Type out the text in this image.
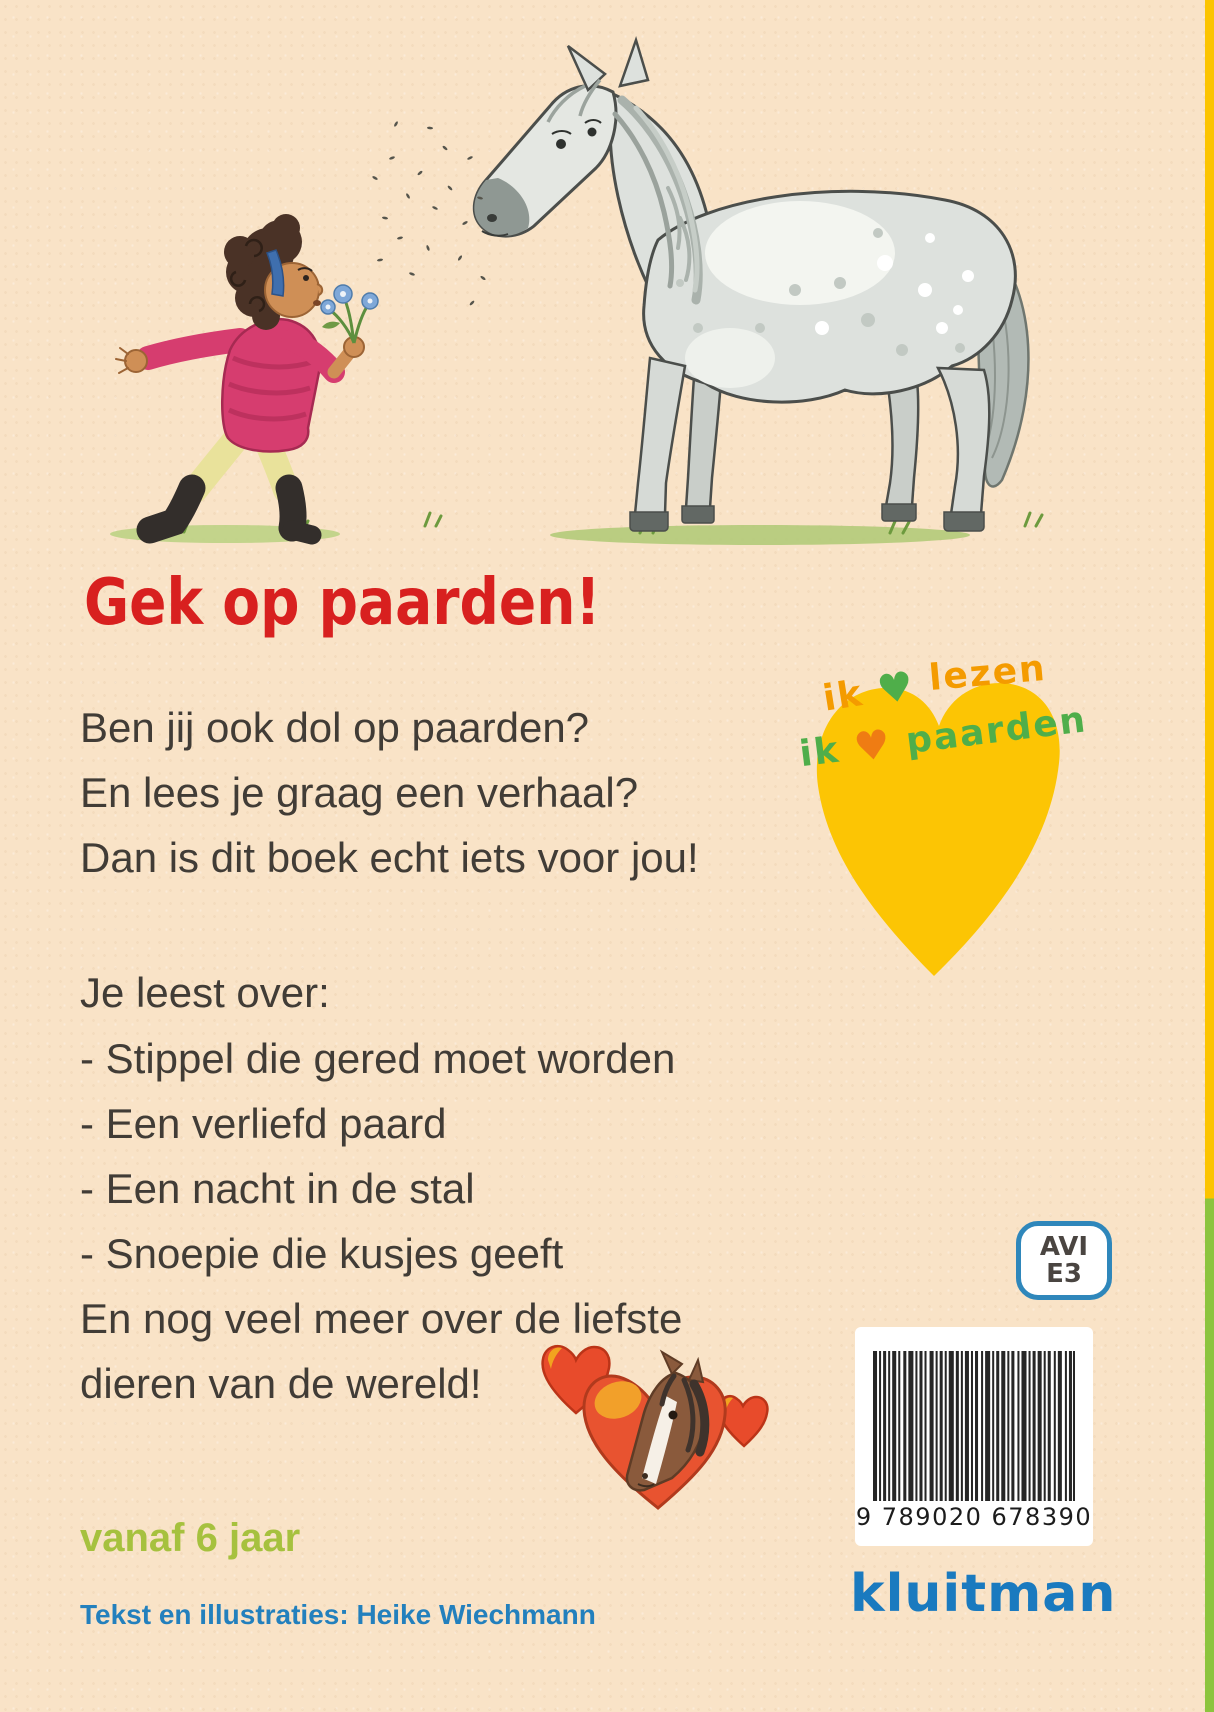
Gek op paarden!
Ben jij ook dol op paarden?
En lees je graag een verhaal?
Dan is dit boek echt iets voor jou!
Je leest over:
- Stippel die gered moet worden
- Een verliefd paard
- Een nacht in de stal
- Snoepie die kusjes geeft
En nog veel meer over de liefste
dieren van de wereld!
ik ♥ lezen
ik ♥ paarden
AVI
E3
9 789020 678390
kluitman
vanaf 6 jaar
Tekst en illustraties: Heike Wiechmann
